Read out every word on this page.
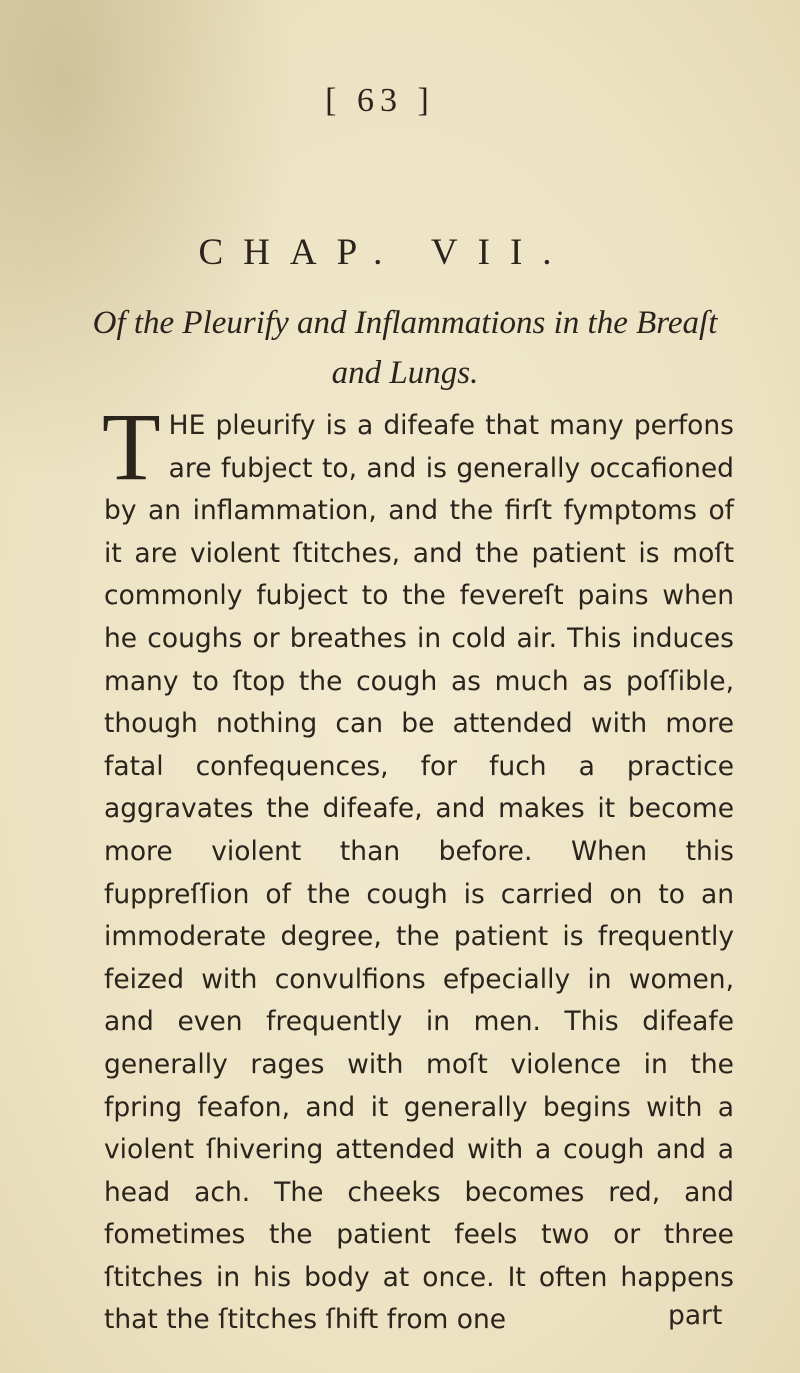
[ 63 ]
CHAP. VII.
Of the Pleurify and Inflammations in the Breaſt and Lungs.
THE pleurify is a difeafe that many perfons are fubject to, and is generally occafioned by an inflammation, and the firſt fymptoms of it are violent ſtitches, and the patient is moſt commonly fubject to the fevereſt pains when he coughs or breathes in cold air. This induces many to ſtop the cough as much as poſſible, though nothing can be attended with more fatal confequences, for fuch a practice aggravates the difeafe, and makes it become more violent than before. When this fuppreſſion of the cough is carried on to an immoderate degree, the patient is frequently feized with convulfions efpecially in women, and even frequently in men. This difeafe generally rages with moſt violence in the fpring feafon, and it generally begins with a violent ſhivering attended with a cough and a head ach. The cheeks becomes red, and fometimes the patient feels two or three ſtitches in his body at once. It often happens that the ſtitches ſhift from one	part
